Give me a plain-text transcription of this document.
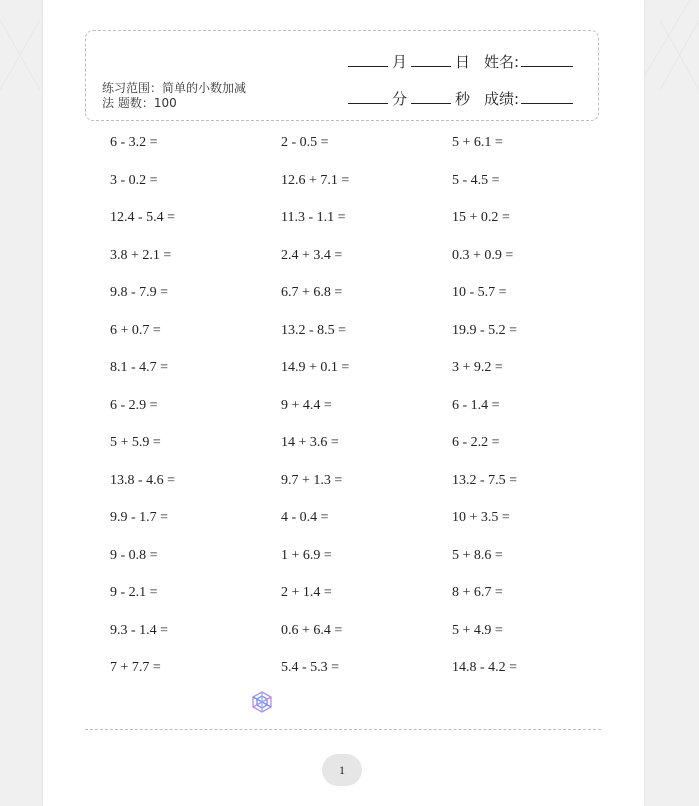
练习范围：简单的小数加减
法 题数：100
月	日 姓名:
分	秒 成绩:
6 - 3.2 =	2 - 0.5 =	5 + 6.1 =
3 - 0.2 =	12.6 + 7.1 =	5 - 4.5 =
12.4 - 5.4 =	11.3 - 1.1 =	15 + 0.2 =
3.8 + 2.1 =	2.4 + 3.4 =	0.3 + 0.9 =
9.8 - 7.9 =	6.7 + 6.8 =	10 - 5.7 =
6 + 0.7 =	13.2 - 8.5 =	19.9 - 5.2 =
8.1 - 4.7 =	14.9 + 0.1 =	3 + 9.2 =
6 - 2.9 =	9 + 4.4 =	6 - 1.4 =
5 + 5.9 =	14 + 3.6 =	6 - 2.2 =
13.8 - 4.6 =	9.7 + 1.3 =	13.2 - 7.5 =
9.9 - 1.7 =	4 - 0.4 =	10 + 3.5 =
9 - 0.8 =	1 + 6.9 =	5 + 8.6 =
9 - 2.1 =	2 + 1.4 =	8 + 6.7 =
9.3 - 1.4 =	0.6 + 6.4 =	5 + 4.9 =
7 + 7.7 =	5.4 - 5.3 =	14.8 - 4.2 =
1
